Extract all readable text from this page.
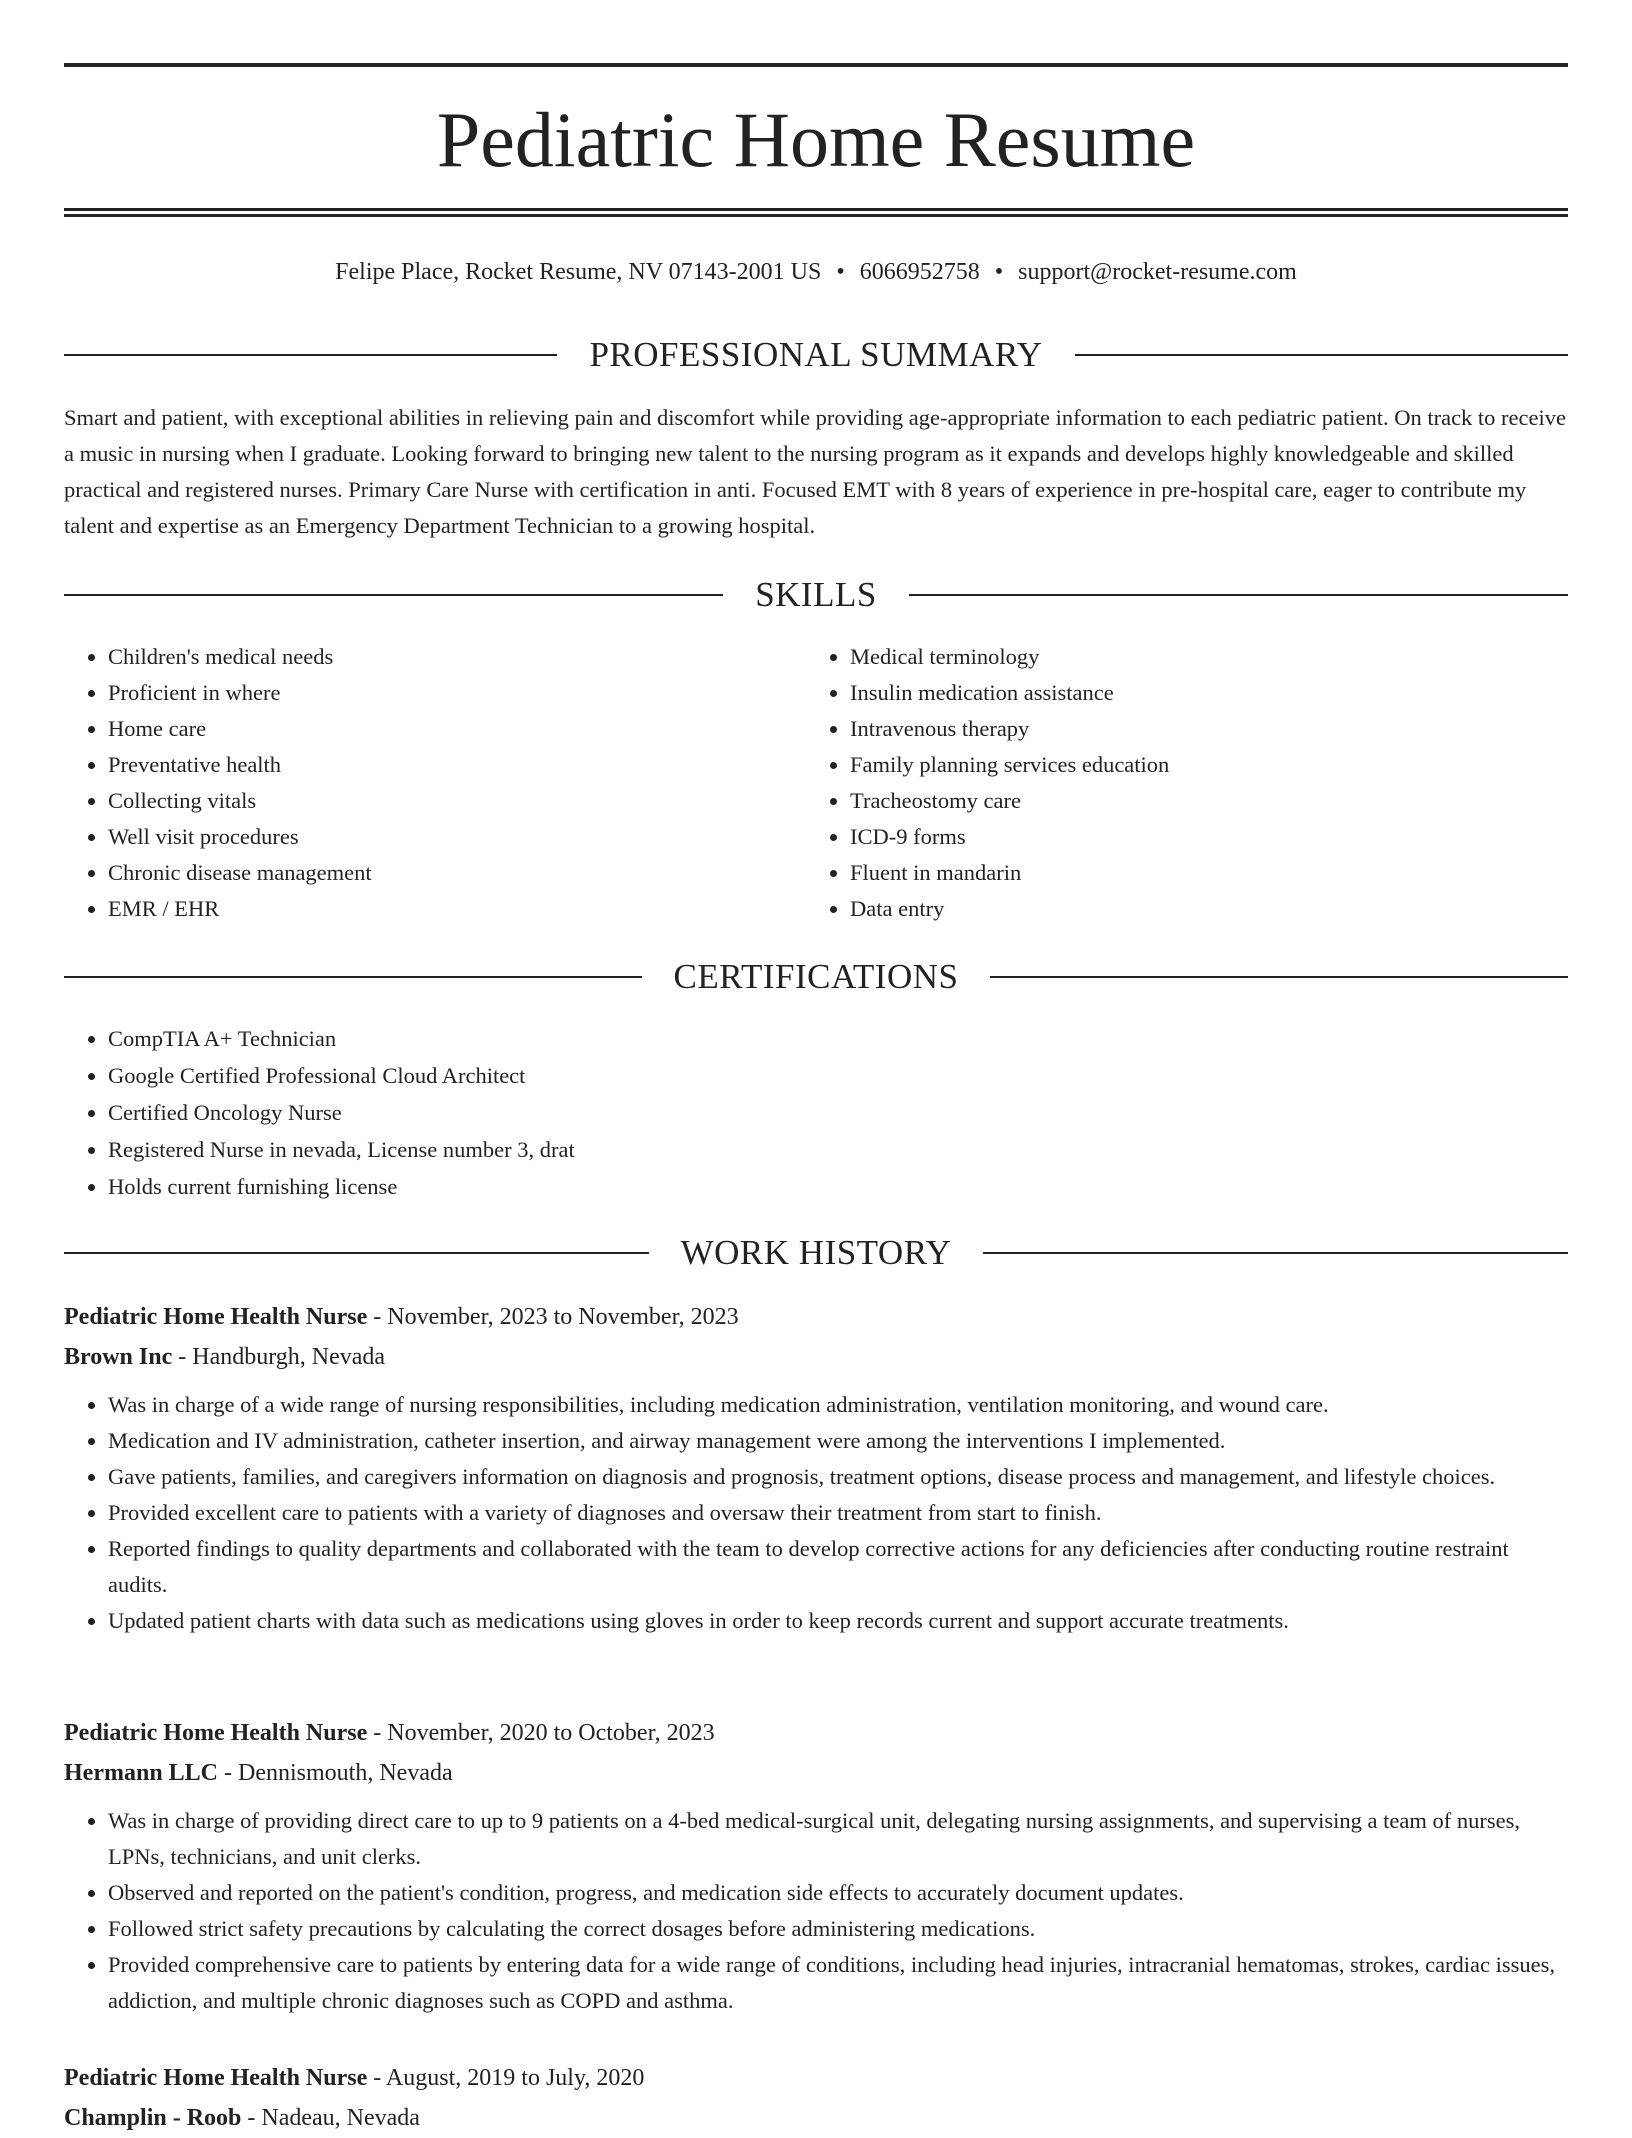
Pediatric Home Resume

Felipe Place, Rocket Resume, NV 07143-2001 US • 6066952758 • support@rocket-resume.com

PROFESSIONAL SUMMARY

Smart and patient, with exceptional abilities in relieving pain and discomfort while providing age-appropriate information to each pediatric patient. On track to receive a music in nursing when I graduate. Looking forward to bringing new talent to the nursing program as it expands and develops highly knowledgeable and skilled practical and registered nurses. Primary Care Nurse with certification in anti. Focused EMT with 8 years of experience in pre-hospital care, eager to contribute my talent and expertise as an Emergency Department Technician to a growing hospital.

SKILLS
• Children's medical needs
• Proficient in where
• Home care
• Preventative health
• Collecting vitals
• Well visit procedures
• Chronic disease management
• EMR / EHR
• Medical terminology
• Insulin medication assistance
• Intravenous therapy
• Family planning services education
• Tracheostomy care
• ICD-9 forms
• Fluent in mandarin
• Data entry
CERTIFICATIONS
• CompTIA A+ Technician
• Google Certified Professional Cloud Architect
• Certified Oncology Nurse
• Registered Nurse in nevada, License number 3, drat
• Holds current furnishing license
WORK HISTORY

Pediatric Home Health Nurse - November, 2023 to November, 2023

Brown Inc - Handburgh, Nevada

• Was in charge of a wide range of nursing responsibilities, including medication administration, ventilation monitoring, and wound care.
• Medication and IV administration, catheter insertion, and airway management were among the interventions I implemented.
• Gave patients, families, and caregivers information on diagnosis and prognosis, treatment options, disease process and management, and lifestyle choices.
• Provided excellent care to patients with a variety of diagnoses and oversaw their treatment from start to finish.
• Reported findings to quality departments and collaborated with the team to develop corrective actions for any deficiencies after conducting routine restraint audits.
• Updated patient charts with data such as medications using gloves in order to keep records current and support accurate treatments.

Pediatric Home Health Nurse - November, 2020 to October, 2023

Hermann LLC - Dennismouth, Nevada

• Was in charge of providing direct care to up to 9 patients on a 4-bed medical-surgical unit, delegating nursing assignments, and supervising a team of nurses, LPNs, technicians, and unit clerks.
• Observed and reported on the patient's condition, progress, and medication side effects to accurately document updates.
• Followed strict safety precautions by calculating the correct dosages before administering medications.
• Provided comprehensive care to patients by entering data for a wide range of conditions, including head injuries, intracranial hematomas, strokes, cardiac issues, addiction, and multiple chronic diagnoses such as COPD and asthma.

Pediatric Home Health Nurse - August, 2019 to July, 2020

Champlin - Roob - Nadeau, Nevada
